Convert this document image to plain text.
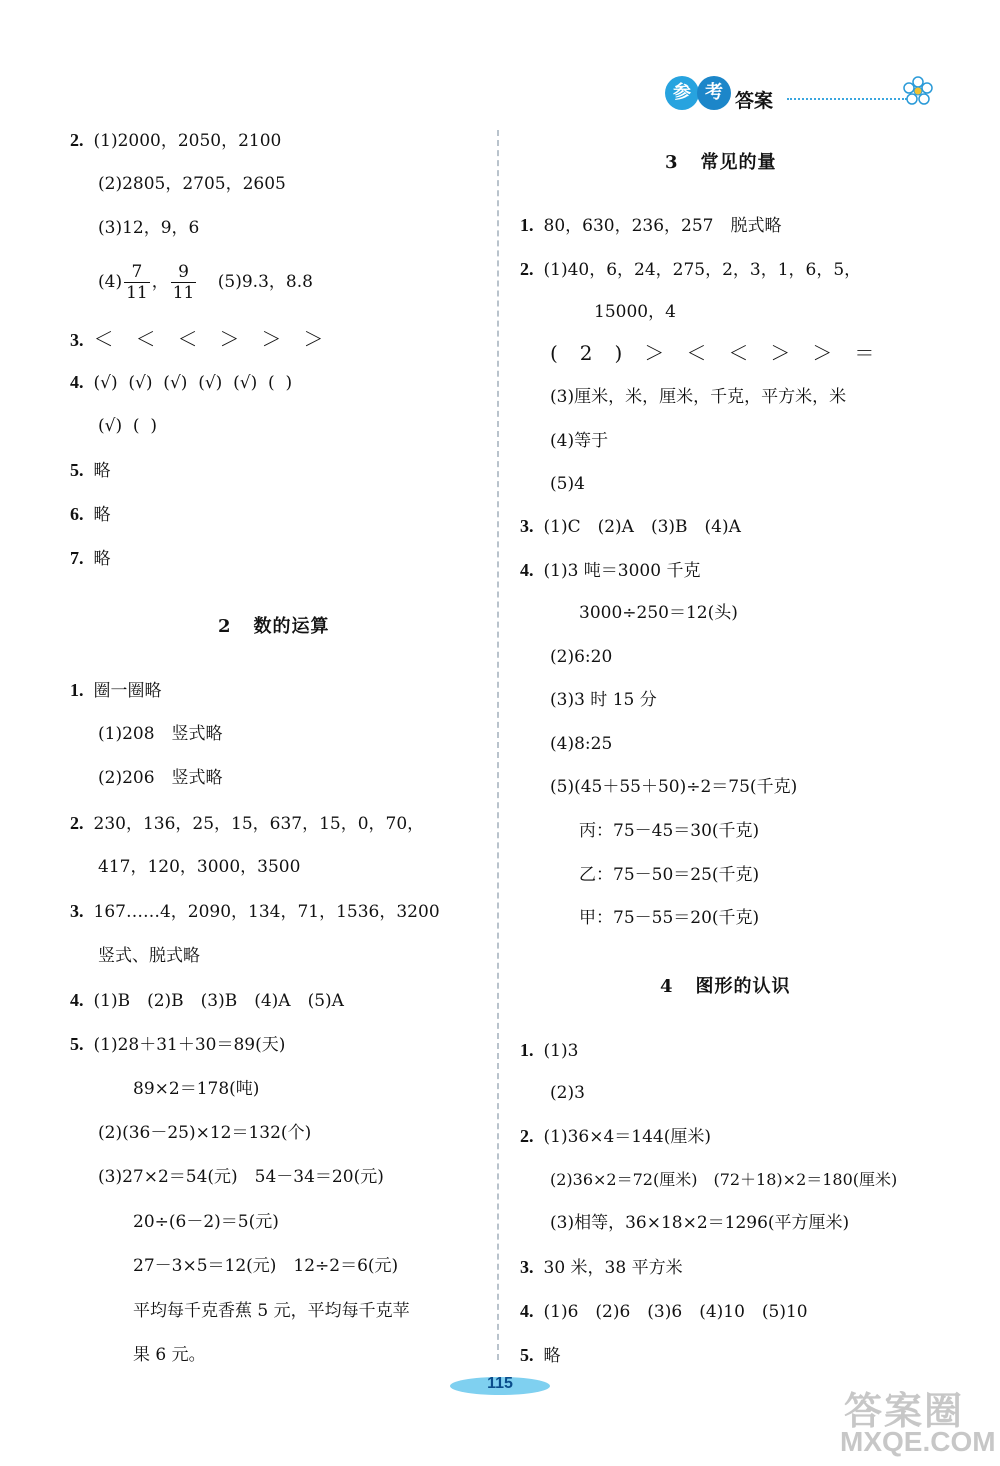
参 考 答案
2. (1)2000，2050，2100
(2)2805，2705，2605
(3)12，9，6
$(4) \frac{7}{11}$ ， $\frac{9}{11} (5)9.3$，8.8
3. ＜＜＜＞＞＞
4. (√)  (√)  (√)  (√)  (√)  (  )
(√)  (  )
5. 略
6. 略
7. 略
2 数的运算
1. 圈一圈略
(1)208　竖式略
(2)206　竖式略
2. 230，136，25，15，637，15，0，70，
417，120，3000，3500
3. 167……4，2090，134，71，1536，3200
竖式、脱式略
4. (1)B　(2)B　(3)B　(4)A　(5)A
5. (1)28＋31＋30＝89(天)
89×2＝178(吨)
(2)(36－25)×12＝132(个)
(3)27×2＝54(元)　54－34＝20(元)
20÷(6－2)＝5(元)
27－3×5＝12(元)　12÷2＝6(元)
平均每千克香蕉 5 元，平均每千克苹
果 6 元。
3 常见的量
1. 80，630，236，257　脱式略
2. (1)40，6，24，275，2，3，1，6，5，
15000，4
(2)＞＜＜＞＞＝
(3)厘米，米，厘米，千克，平方米，米
(4)等于
(5)4
3. (1)C　(2)A　(3)B　(4)A
4. (1)3 吨＝3000 千克
3000÷250＝12(头)
(2)6:20
(3)3 时 15 分
(4)8:25
(5)(45＋55＋50)÷2＝75(千克)
丙：75－45＝30(千克)
乙：75－50＝25(千克)
甲：75－55＝20(千克)
4 图形的认识
1. (1)3
(2)3
2. (1)36×4＝144(厘米)
(2)36×2＝72(厘米)　(72＋18)×2＝180(厘米)
(3)相等，36×18×2＝1296(平方厘米)
3. 30 米，38 平方米
4. (1)6　(2)6　(3)6　(4)10　(5)10
5. 略
115
答案圈
MXQE.COM
